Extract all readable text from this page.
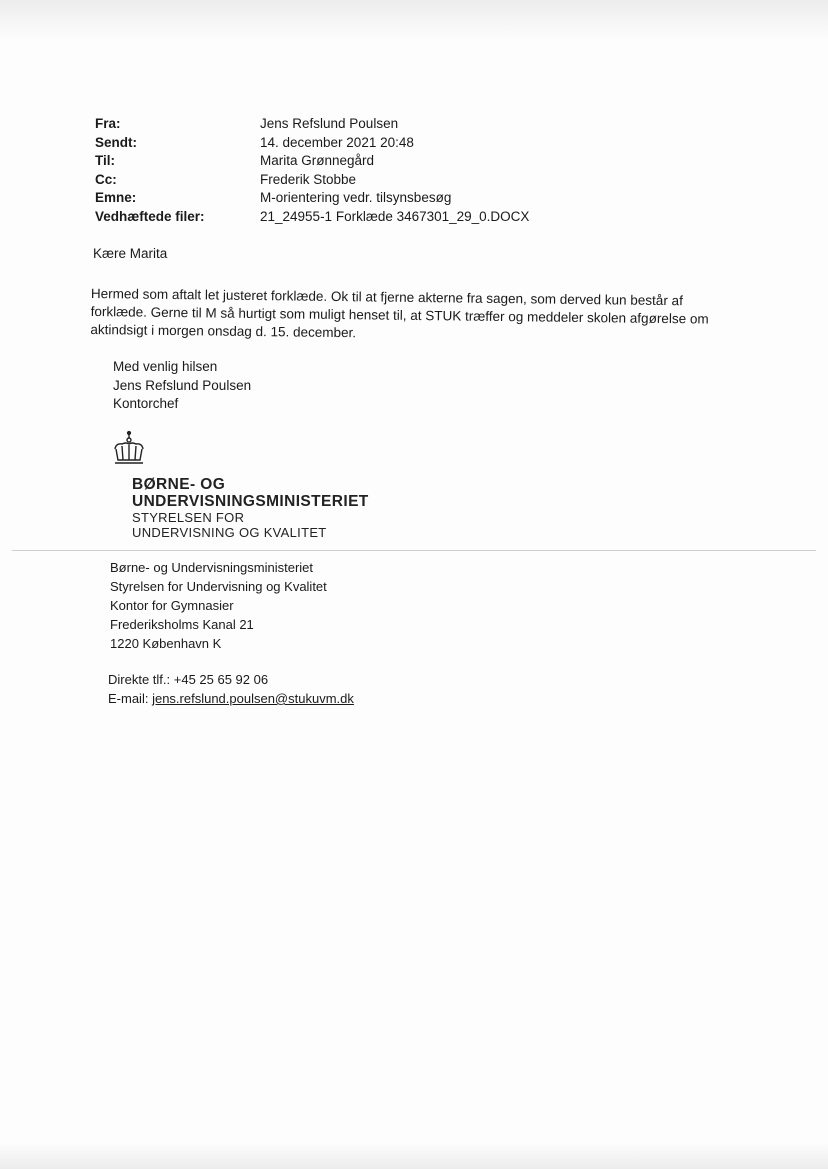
Fra:	Jens Refslund Poulsen
Sendt:	14. december 2021 20:48
Til:	Marita Grønnegård
Cc:	Frederik Stobbe
Emne:	M-orientering vedr. tilsynsbesøg
Vedhæftede filer:	21_24955-1 Forklæde 3467301_29_0.DOCX
Kære Marita
Hermed som aftalt let justeret forklæde. Ok til at fjerne akterne fra sagen, som derved kun består af forklæde. Gerne til M så hurtigt som muligt henset til, at STUK træffer og meddeler skolen afgørelse om aktindsigt i morgen onsdag d. 15. december.
Med venlig hilsen
Jens Refslund Poulsen
Kontorchef
BØRNE- OG
UNDERVISNINGSMINISTERIET
STYRELSEN FOR
UNDERVISNING OG KVALITET
Børne- og Undervisningsministeriet
Styrelsen for Undervisning og Kvalitet
Kontor for Gymnasier
Frederiksholms Kanal 21
1220 København K
Direkte tlf.: +45 25 65 92 06
E-mail: jens.refslund.poulsen@stukuvm.dk
